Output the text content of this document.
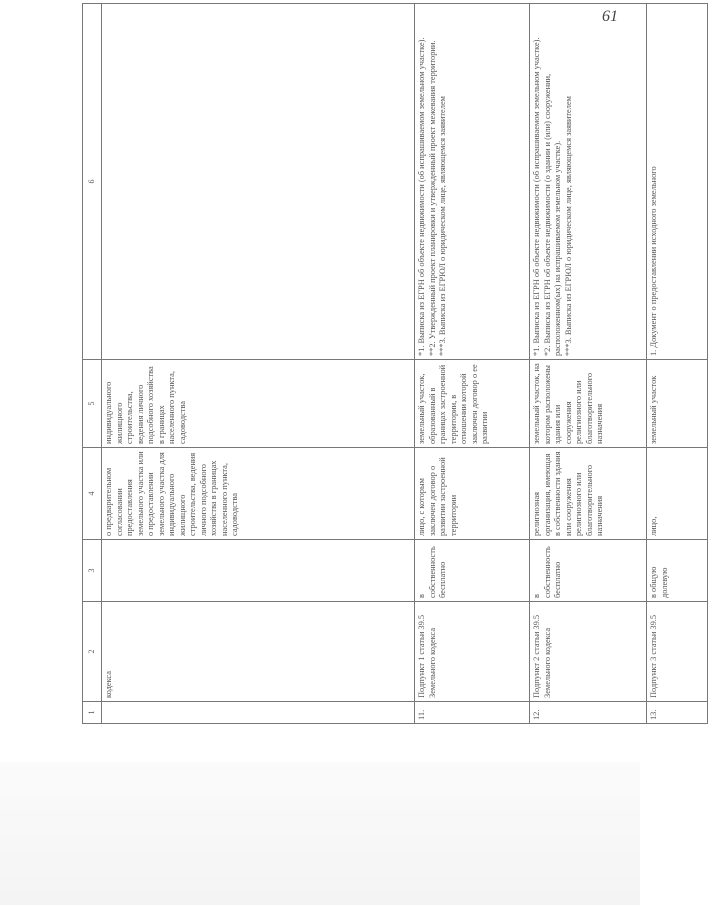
61
1	2	3	4	5	6
	кодекса		о предварительном согласовании предоставления земельного участка или о предоставлении земельного участка для индивидуального жилищного строительства, ведения личного подсобного хозяйства в границах населенного пункта, садоводства	индивидуального жилищного строительства, ведения личного подсобного хозяйства в границах населенного пункта, садоводства	
11.	Подпункт 1 статьи 39.5 Земельного кодекса	в собственность бесплатно	лицо, с которым заключен договор о развитии застроенной территории	земельный участок, образованный в границах застроенной территории, в отношении которой заключен договор о ее развитии	*1. Выписка из ЕГРН об объекте недвижимости (об испрашиваемом земельном участке).
**2. Утвержденный проект планировки и утвержденный проект межевания территории.
***3. Выписка из ЕГРЮЛ о юридическом лице, являющемся заявителем
12.	Подпункт 2 статьи 39.5 Земельного кодекса	в собственность бесплатно	религиозная организация, имеющая в собственности здания или сооружения религиозного или благотворительного назначения	земельный участок, на котором расположены здания или сооружения религиозного или благотворительного назначения	*1. Выписка из ЕГРН об объекте недвижимости (об испрашиваемом земельном участке).
*2. Выписка из ЕГРН об объекте недвижимости (о здании и (или) сооружении, расположенном(ых) на испрашиваемом земельном участке).
***3. Выписка из ЕГРЮЛ о юридическом лице, являющемся заявителем
13.	Подпункт 3 статьи 39.5	в общую долевую	лицо,	земельный участок	1. Документ о предоставлении исходного земельного
